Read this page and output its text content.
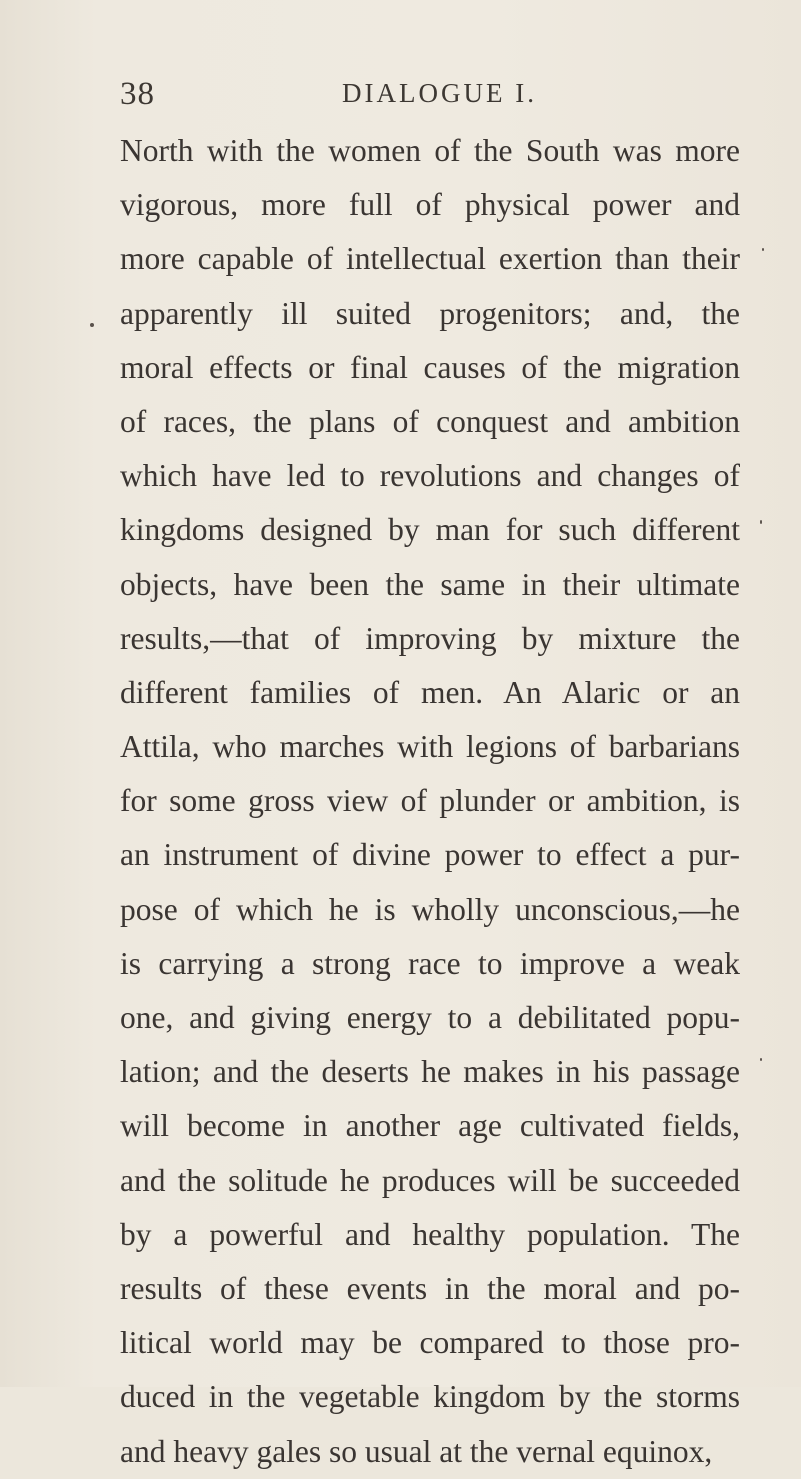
38	DIALOGUE I.
North with the women of the South was more
vigorous, more full of physical power and
more capable of intellectual exertion than their
apparently ill suited progenitors; and, the
moral effects or final causes of the migration
of races, the plans of conquest and ambition
which have led to revolutions and changes of
kingdoms designed by man for such different
objects, have been the same in their ultimate
results,—that of improving by mixture the
different families of men. An Alaric or an
Attila, who marches with legions of barbarians
for some gross view of plunder or ambition, is
an instrument of divine power to effect a pur-
pose of which he is wholly unconscious,—he
is carrying a strong race to improve a weak
one, and giving energy to a debilitated popu-
lation; and the deserts he makes in his passage
will become in another age cultivated fields,
and the solitude he produces will be succeeded
by a powerful and healthy population. The
results of these events in the moral and po-
litical world may be compared to those pro-
duced in the vegetable kingdom by the storms
and heavy gales so usual at the vernal equinox,
